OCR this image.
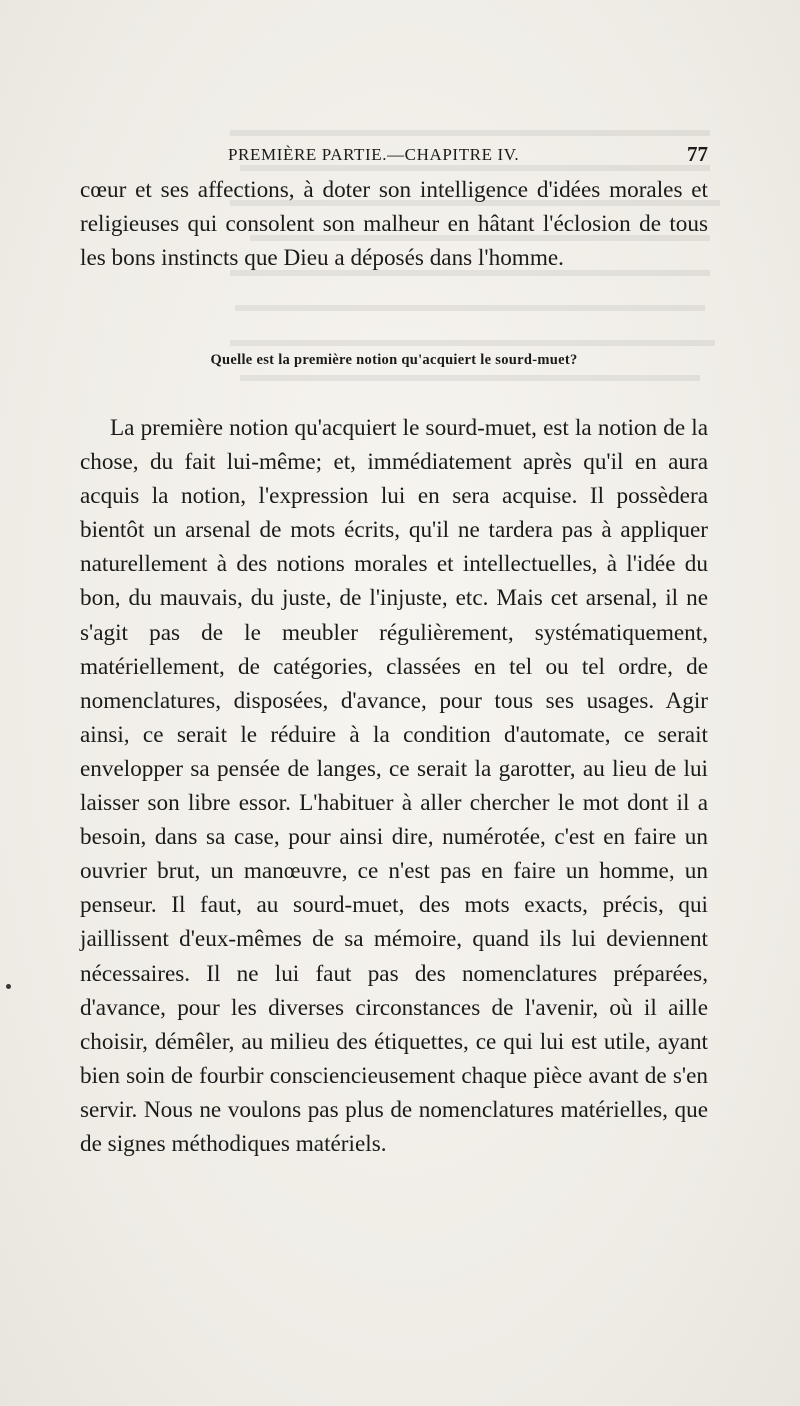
PREMIÈRE PARTIE.—CHAPITRE IV.	77

cœur et ses affections, à doter son intelligence d'idées morales et religieuses qui consolent son malheur en hâtant l'éclosion de tous les bons instincts que Dieu a déposés dans l'homme.

Quelle est la première notion qu'acquiert le sourd-muet?

La première notion qu'acquiert le sourd-muet, est la notion de la chose, du fait lui-même; et, immédiatement après qu'il en aura acquis la notion, l'expression lui en sera acquise. Il possèdera bientôt un arsenal de mots écrits, qu'il ne tardera pas à appliquer naturellement à des notions morales et intellectuelles, à l'idée du bon, du mauvais, du juste, de l'injuste, etc. Mais cet arsenal, il ne s'agit pas de le meubler régulièrement, systématiquement, matériellement, de catégories, classées en tel ou tel ordre, de nomenclatures, disposées, d'avance, pour tous ses usages. Agir ainsi, ce serait le réduire à la condition d'automate, ce serait envelopper sa pensée de langes, ce serait la garotter, au lieu de lui laisser son libre essor. L'habituer à aller chercher le mot dont il a besoin, dans sa case, pour ainsi dire, numérotée, c'est en faire un ouvrier brut, un manœuvre, ce n'est pas en faire un homme, un penseur. Il faut, au sourd-muet, des mots exacts, précis, qui jaillissent d'eux-mêmes de sa mémoire, quand ils lui deviennent nécessaires. Il ne lui faut pas des nomenclatures préparées, d'avance, pour les diverses circonstances de l'avenir, où il aille choisir, démêler, au milieu des étiquettes, ce qui lui est utile, ayant bien soin de fourbir consciencieusement chaque pièce avant de s'en servir. Nous ne voulons pas plus de nomenclatures matérielles, que de signes méthodiques matériels.
